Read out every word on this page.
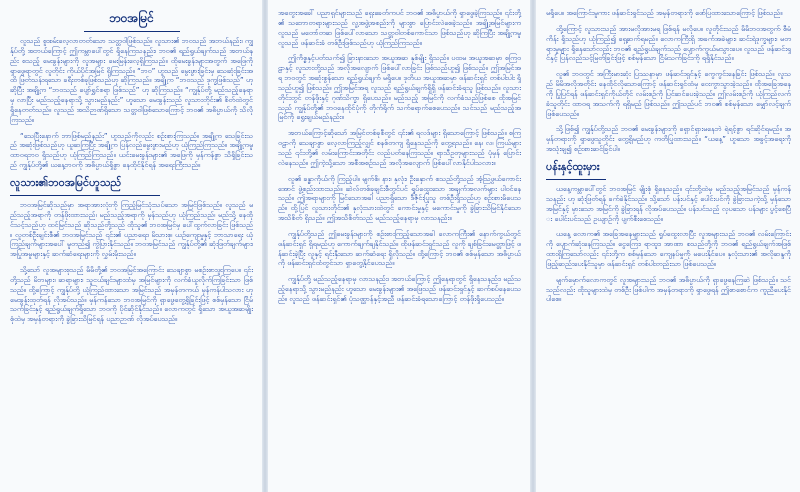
ဘဝအမြင်

လူသည် စူးစမ်းလေ့လာတတ်သော သတ္တဝါဖြစ်သည်။ လူသား၏ ဘဝသည် အဘယ်နည်း၊ ကျွန်ုပ်တို့ အဘယ်ကြောင့် ဤကမ္ဘာပေါ်တွင် ရှိနေကြသနည်း၊ ဘဝ၏ ရည်ရွယ်ချက်သည် အဘယ်နည်း စသည့် မေးခွန်းများကို လူအများ မေးမြန်းလေ့ရှိကြသည်။ ထိုမေးခွန်းများအတွက် အဖြေကို ရှာဖွေရာတွင် လူတိုင်း ကိုယ်ပိုင်အမြင် ရှိကြသည်။ “ဘဝ” ဟူသည် မွေးဖွားခြင်းမှ သေဆုံးခြင်းအထိ ဖြတ်သန်းရသော ခရီးတစ်ခုဖြစ်သည်ဟု ဆိုကြသည်။ အချို့က “ဘဝသည် ဒုက္ခဖြစ်သည်” ဟု ဆိုပြီး အချို့က “ဘဝသည် ပျော်ရွှင်စရာ ဖြစ်သည်” ဟု ဆိုကြသည်။ “ကျွန်ုပ်တို့ မည်သည့်နေရာမှ လာပြီး မည်သည့်နေရာသို့ သွားမည်နည်း” ဟူသော မေးခွန်းသည် လူသားတိုင်း၏ စိတ်ထဲတွင် ရှိနေတတ်သည်။ လူသည် အသိဉာဏ်ရှိသော သတ္တဝါဖြစ်သောကြောင့် ဘဝ၏ အဓိပ္ပာယ်ကို သိလိုကြသည်။

“သေပြီးနောက် ဘာဖြစ်မည်နည်း” ဟူသည်ကိုလည်း စဉ်းစားကြသည်။ အချို့က သေခြင်းသည် အဆုံးဖြစ်သည်ဟု ယူဆကြပြီး အချို့က ပြန်လည်မွေးဖွားမည်ဟု ယုံကြည်ကြသည်။ အချို့ကမူ ထာဝရဘဝ ရှိသည်ဟု ယုံကြည်ကြသည်။ ယင်းမေးခွန်းများ၏ အဖြေကို မှန်ကန်စွာ သိရှိခြင်းသည် ကျွန်ုပ်တို့၏ ယနေ့ဘဝကို အဓိပ္ပာယ်ရှိစွာ နေထိုင်နိုင်ရန် အရေးကြီးသည်။

လူသား၏ဘဝအမြင်ဟူသည်

ဘဝအမြင်ဆိုသည်မှာ အရာအားလုံးကို ကြည့်မြင်သုံးသပ်သော အမြင်ဖြစ်သည်။ လူသည် မည်သည့်အရာကို တန်ဖိုးထားသည်၊ မည်သည့်အရာကို မှန်သည်ဟု ယုံကြည်သည်၊ မည်သို့ နေထိုင်သင့်သည်ဟု ထင်မြင်သည် ဆိုသည်တို့သည် ထိုသူ၏ ဘဝအမြင်မှ ပေါ်ထွက်လာခြင်း ဖြစ်သည်။ လူတစ်ဦးချင်းစီ၏ ဘဝအမြင်သည် ၎င်း၏ ပညာရေး၊ မိသားစု၊ ယဉ်ကျေးမှုနှင့် ဘာသာရေး ယုံကြည်ချက်များအပေါ် မူတည်၍ ကွဲပြားနိုင်သည်။ ဘဝအမြင်သည် ကျွန်ုပ်တို့၏ ဆုံးဖြတ်ချက်များ၊ အပြုအမူများနှင့် ဆက်ဆံရေးများကို လွှမ်းမိုးသည်။

သို့သော် လူအများစုသည် မိမိတို့၏ ဘဝအမြင်အကြောင်း သေချာစွာ မစဉ်းစားဖူးကြပေ။ ၎င်းတို့သည် မိဘများ၊ ဆရာများ၊ သူငယ်ချင်းများထံမှ အမြင်များကို လက်ခံယူလိုက်ကြခြင်းသာ ဖြစ်သည်။ ထို့ကြောင့် ကျွန်ုပ်တို့ ယုံကြည်ထားသော အမြင်သည် အမှန်တကယ် မှန်ကန်ပါသလား ဟု မေးခွန်းထုတ်ရန် လိုအပ်သည်။ မှန်ကန်သော ဘဝအမြင်ကို ရှာဖွေတွေ့ရှိခြင်းဖြင့် စစ်မှန်သော ငြိမ်သက်ခြင်းနှင့် ရည်ရွယ်ချက်ရှိသော ဘဝကို ပိုင်ဆိုင်နိုင်သည်။ လောကတွင် ရှိသော အယူအဆမျိုးစုံထဲမှ အမှန်တရားကို ခွဲခြားသိမြင်ရန် ပညာဉာဏ် လိုအပ်ပေသည်။

အတွေးအခေါ် ပညာရှင်များသည် ရှေးခေတ်ကပင် ဘဝ၏ အဓိပ္ပာယ်ကို ရှာဖွေခဲ့ကြသည်။ ၎င်းတို့၏ သဘောတရားများသည် လူ့အဖွဲ့အစည်းကို များစွာ ပြောင်းလဲစေခဲ့သည်။ အချို့အမြင်များက လူသည် မတော်တဆ ဖြစ်ပေါ်လာသော သတ္တဝါတစ်ကောင်သာ ဖြစ်သည်ဟု ဆိုကြပြီး အချို့ကမူ လူသည် ဖန်ဆင်းခံ တစ်ဦးဖြစ်သည်ဟု ယုံကြည်ကြသည်။

ဤကိစ္စနှင့်ပတ်သက်၍ ခြားနားသော အယူအဆ နှစ်မျိုး ရှိသည်။ ပထမ အယူအဆမှာ စကြဝဠာနှင့် လူသားတို့သည် အလိုအလျောက် ဖြစ်ပေါ်လာခြင်း ဖြစ်သည်ဟူ၍ ဖြစ်သည်။ ဤအမြင်အရ ဘဝတွင် အဆုံးစွန်သော ရည်ရွယ်ချက် မရှိပေ။ ဒုတိယ အယူအဆမှာ ဖန်ဆင်းရှင် တစ်ပါးပါး ရှိသည်ဟူ၍ ဖြစ်သည်။ ဤအမြင်အရ လူသည် ရည်ရွယ်ချက်ရှိရှိ ဖန်ဆင်းခံရသူ ဖြစ်သည်။ လူသားတိုင်းတွင် တန်ဖိုးနှင့် ဂုဏ်သိက္ခာ ရှိပေသည်။ မည်သည့် အမြင်ကို လက်ခံသည်ဖြစ်စေ ထိုအမြင်သည် ကျွန်ုပ်တို့၏ ဘဝနေထိုင်ပုံကို တိုက်ရိုက် သက်ရောက်စေပေသည်။ သင်သည် မည်သည့်အမြင်ကို ရွေးချယ်မည်နည်း။

အဘယ်ကြောင့်ဆိုသော် အမြင်တစ်ခုစီတွင် ၎င်း၏ ရလဒ်များ ရှိသောကြောင့် ဖြစ်သည်။ စကြဝဠာကို သေချာစွာ လေ့လာကြည့်လျှင် စနစ်တကျ ရှိနေသည်ကို တွေ့ရသည်။ နေ၊ လ၊ ကြယ်များသည် ၎င်းတို့၏ လမ်းကြောင်းအတိုင်း လည်ပတ်နေကြသည်။ ရာသီဥတုများသည် ပုံမှန် ပြောင်းလဲနေသည်။ ဤကဲ့သို့သော အစီအစဉ်သည် အလိုအလျောက် ဖြစ်ပေါ်လာနိုင်ပါသလား။

လူ၏ ခန္ဓာကိုယ်ကို ကြည့်ပါ။ မျက်စိ၊ နား၊ နှလုံး၊ ဦးနှောက် စသည်တို့သည် အံ့ဩဖွယ်ကောင်းအောင် ဖွဲ့စည်းထားသည်။ ဆဲလ်တစ်ခုချင်းစီတွင်ပင် ရှုပ်ထွေးသော အချက်အလက်များ ပါဝင်နေသည်။ ဤအရာများကို မြင်သောအခါ ပညာရှိသော ဒီဇိုင်းပြုသူ တစ်ဦးရှိသည်ဟု စဉ်းစားမိပေသည်။ ထို့ပြင် လူသားတိုင်း၏ နှလုံးသားထဲတွင် ကောင်းမှုနှင့် မကောင်းမှုကို ခွဲခြားသိမြင်နိုင်သော အသိစိတ် ရှိသည်။ ဤအသိစိတ်သည် မည်သည့်နေရာမှ လာသနည်း။

ကျွန်ုပ်တို့သည် ဤမေးခွန်းများကို စဉ်းစားကြည့်သောအခါ လောကကြီး၏ နောက်ကွယ်တွင် ဖန်ဆင်းရှင် ရှိရမည်ဟု ကောက်ချက်ချနိုင်သည်။ ထိုဖန်ဆင်းရှင်သည် လူကို ချစ်ခြင်းမေတ္တာဖြင့် ဖန်ဆင်းခဲ့ပြီး လူနှင့် ရင်းနှီးသော ဆက်ဆံရေး ရှိလိုသည်။ ထို့ကြောင့် ဘဝ၏ စစ်မှန်သော အဓိပ္ပာယ်ကို ဖန်ဆင်းရှင်ထံတွင်သာ ရှာတွေ့နိုင်ပေသည်။

ကျွန်ုပ်တို့ မည်သည့်နေရာမှ လာသနည်း၊ အဘယ်ကြောင့် ဤနေရာတွင် ရှိနေသနည်း၊ မည်သည့်နေရာသို့ သွားမည်နည်း ဟူသော မေးခွန်းများ၏ အဖြေသည် ဖန်ဆင်းရှင်နှင့် ဆက်စပ်နေပေသည်။ လူသည် ဖန်ဆင်းရှင်၏ ပုံသဏ္ဌာန်နှင့်အညီ ဖန်ဆင်းခံရသောကြောင့် တန်ဖိုးရှိပေသည်။

မရှိပေ။ အကြောင်းမူကား ဖန်ဆင်းရှင်သည် အမှန်တရားကို ဖော်ပြထားသောကြောင့် ဖြစ်သည်။

ထို့ကြောင့် လူသားသည် အားမလိုအားမရ ဖြစ်ရန် မလိုပေ။ လူတိုင်းသည် မိမိဘဝအတွက် စီမံကိန်း ရှိသည်ဟု ယုံကြည်၍ ရှေ့ဆက်ရမည်။ လောကကြီးရှိ အခက်အခဲများ၊ ဆင်းရဲဒုက္ခများ၊ မတရားမှုများ ရှိနေသော်လည်း ဘဝ၏ ရည်ရွယ်ချက်သည် ပျောက်ကွယ်မသွားပေ။ လူသည် ဖန်ဆင်းရှင်နှင့် ပြန်လည်သင့်မြတ်ခြင်းဖြင့် စစ်မှန်သော ငြိမ်သက်ခြင်းကို ရရှိနိုင်သည်။

လူ၏ ဘဝတွင် အကြီးမားဆုံး ပြဿနာမှာ ဖန်ဆင်းရှင်နှင့် ကွေကွင်းနေခြင်း ဖြစ်သည်။ လူသည် မိမိအလိုအတိုင်း နေထိုင်လိုသောကြောင့် ဖန်ဆင်းရှင်ထံမှ ဝေးကွာသွားခဲ့သည်။ ထိုအခြေအနေကို ပြုပြင်ရန် ဖန်ဆင်းရှင်ကိုယ်တိုင် လမ်းစဉ်ကို ပြင်ဆင်ပေးခဲ့သည်။ ဤလမ်းစဉ်ကို ယုံကြည်လက်ခံသူတိုင်း ထာဝရ အသက်ကို ရရှိမည် ဖြစ်သည်။ ဤသည်ပင် ဘဝ၏ စစ်မှန်သော မျှော်လင့်ချက် ဖြစ်ပေသည်။

သို့ဖြစ်၍ ကျွန်ုပ်တို့သည် ဘဝ၏ မေးခွန်းများကို ရှောင်ရှားမနေဘဲ ရဲရင့်စွာ ရင်ဆိုင်ရမည်။ အမှန်တရားကို ရှာဖွေသူတိုင်း တွေ့ရှိမည်ဟု ကတိပြုထားသည်။ “ယနေ့” ဟူသော အခွင့်အရေးကို အသုံးချ၍ စဉ်းစားဆင်ခြင်ပါ။

ပန်းနှင့်ထူးမှား

ယနေ့ကမ္ဘာပေါ်တွင် ဘဝအမြင် မျိုးစုံ ရှိနေသည်။ ၎င်းတို့ထဲမှ မည်သည့်အမြင်သည် မှန်ကန်သနည်း ဟု ဆုံးဖြတ်ရန် ခက်ခဲနိုင်သည်။ သို့သော် ပန်းပင်နှင့် ပေါင်းပင်ကို ခွဲခြားသကဲ့သို့ မှန်သော အမြင်နှင့် မှားသော အမြင်ကို ခွဲခြားရန် လိုအပ်ပေသည်။ ပန်းပင်သည် လှပသော ပန်းများ ပွင့်စေပြီး ပေါင်းပင်သည် ဥယျာဉ်ကို ပျက်စီးစေသည်။

ယနေ့ လောက၏ အခြေအနေများသည် ရှုပ်ထွေးလာပြီး လူအများသည် ဘဝ၏ လမ်းကြောင်းကို ပျောက်ဆုံးနေကြသည်။ ငွေကြေး၊ ရာထူး၊ အာဏာ စသည်တို့ကို ဘဝ၏ ရည်ရွယ်ချက်အဖြစ် ထားရှိကြသော်လည်း ၎င်းတို့က စစ်မှန်သော ကျေနပ်မှုကို မပေးနိုင်ပေ။ နှလုံးသား၏ အလိုဆန္ဒကို ဖြည့်ဆည်းပေးနိုင်သူမှာ ဖန်ဆင်းရှင် တစ်ပါးတည်းသာ ဖြစ်ပေသည်။

မျက်မှောက်လောကတွင် လူအများသည် ဘဝ၏ အဓိပ္ပာယ်ကို ရှာဖွေနေကြဆဲ ဖြစ်သည်။ သင်သည်လည်း ထိုသူများထဲမှ တစ်ဦး ဖြစ်ပါက အမှန်တရားကို ရှာဖွေရန် ဤစာစောင်က ကူညီပေးနိုင်ပါစေ။
